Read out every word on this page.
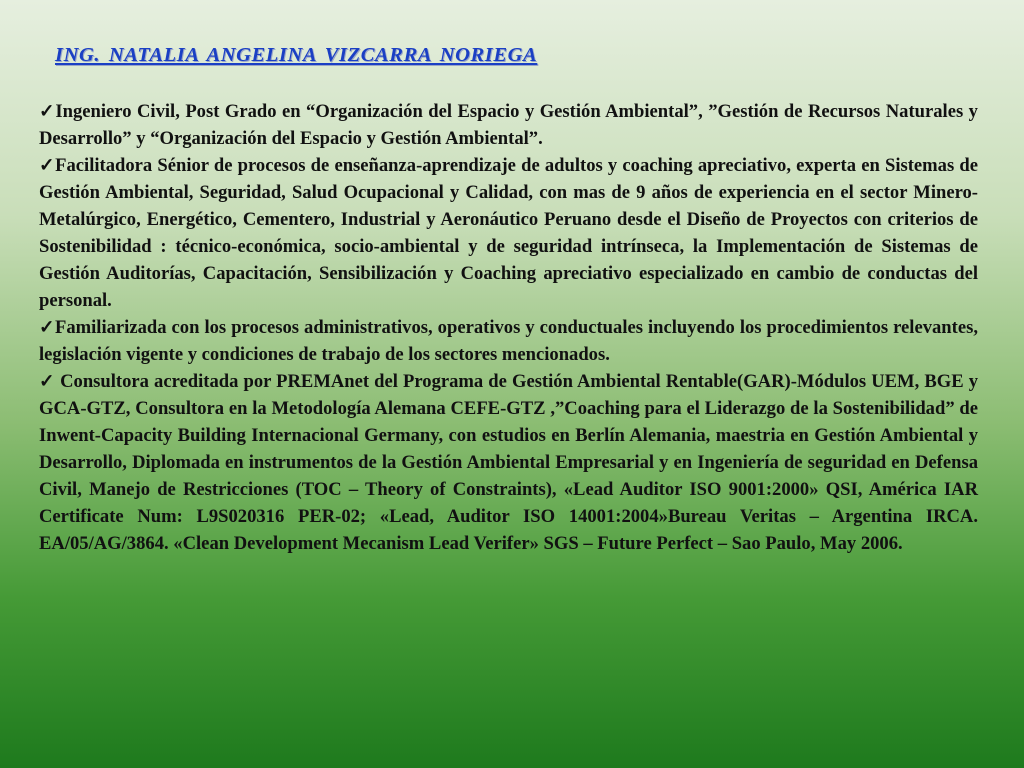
ING. NATALIA ANGELINA VIZCARRA NORIEGA

✓Ingeniero Civil, Post Grado en “Organización del Espacio y Gestión Ambiental”, ”Gestión de Recursos Naturales y Desarrollo” y “Organización del Espacio y Gestión Ambiental”.

✓Facilitadora Sénior de procesos de enseñanza-aprendizaje de adultos y coaching apreciativo, experta en Sistemas de Gestión Ambiental, Seguridad, Salud Ocupacional y Calidad, con mas de 9 años de experiencia en el sector Minero-Metalúrgico, Energético, Cementero, Industrial y Aeronáutico Peruano desde el Diseño de Proyectos con criterios de Sostenibilidad : técnico-económica, socio-ambiental y de seguridad intrínseca, la Implementación de Sistemas de Gestión Auditorías, Capacitación, Sensibilización y Coaching apreciativo especializado en cambio de conductas del personal.

✓Familiarizada con los procesos administrativos, operativos y conductuales incluyendo los procedimientos relevantes, legislación vigente y condiciones de trabajo de los sectores mencionados.

✓ Consultora acreditada por PREMAnet del Programa de Gestión Ambiental Rentable(GAR)-Módulos UEM, BGE y GCA-GTZ, Consultora en la Metodología Alemana CEFE-GTZ ,”Coaching para el Liderazgo de la Sostenibilidad” de Inwent-Capacity Building Internacional Germany, con estudios en Berlín Alemania, maestria en Gestión Ambiental y Desarrollo, Diplomada en instrumentos de la Gestión Ambiental Empresarial y en Ingeniería de seguridad en Defensa Civil, Manejo de Restricciones (TOC – Theory of Constraints), «Lead Auditor ISO 9001:2000» QSI, América IAR Certificate Num: L9S020316 PER-02; «Lead, Auditor ISO 14001:2004»Bureau Veritas – Argentina IRCA. EA/05/AG/3864. «Clean Development Mecanism Lead Verifer» SGS – Future Perfect – Sao Paulo, May 2006.
